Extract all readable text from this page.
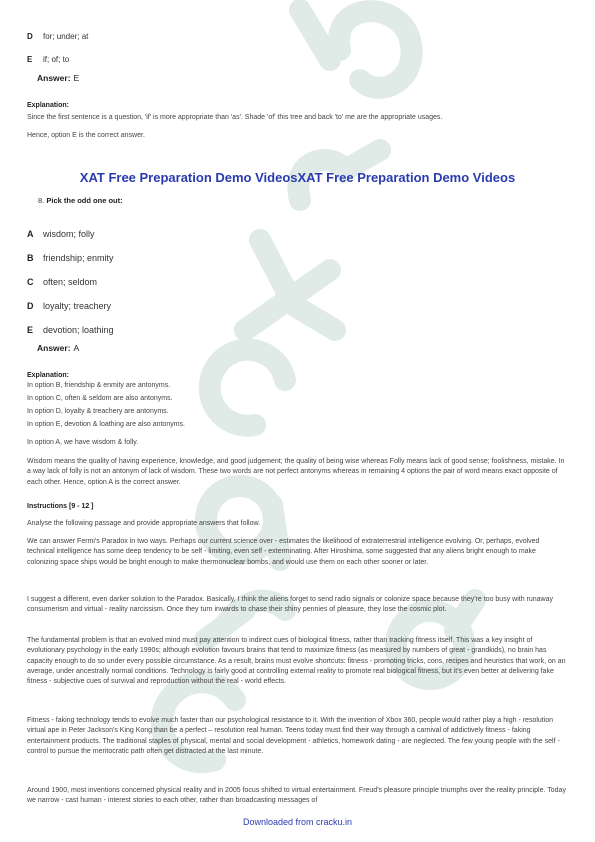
D	for; under; at
E	if; of; to
Answer: E
Explanation:
Since the first sentence is a question, 'if' is more appropriate than 'as'. Shade 'of' this tree and back 'to' me are the appropriate usages.
Hence, option E is the correct answer.
XAT Free Preparation Demo VideosXAT Free Preparation Demo Videos
8. Pick the odd one out:
A	wisdom; folly
B	friendship; enmity
C	often; seldom
D	loyalty; treachery
E	devotion; loathing
Answer: A
Explanation:
In option B, friendship & enmity are antonyms.
In option C, often & seldom are also antonyms.
In option D, loyalty & treachery are antonyms.
In option E, devotion & loathing are also antonyms.
In option A, we have wisdom & folly.
Wisdom means the quality of having experience, knowledge, and good judgement; the quality of being wise whereas Folly means lack of good sense; foolishness, mistake. In a way lack of folly is not an antonym of lack of wisdom. These two words are not perfect antonyms whereas in remaining 4 options the pair of word means exact opposite of each other. Hence, option A is the correct answer.
Instructions [9 - 12 ]
Analyse the following passage and provide appropriate answers that follow.
We can answer Fermi's Paradox in two ways. Perhaps our current science over - estimates the likelihood of extraterrestrial intelligence evolving. Or, perhaps, evolved technical intelligence has some deep tendency to be self - limiting, even self - exterminating. After Hiroshima, some suggested that any aliens bright enough to make colonizing space ships would be bright enough to make thermonuclear bombs, and would use them on each other sooner or later.
I suggest a different, even darker solution to the Paradox. Basically, I think the aliens forget to send radio signals or colonize space because they're too busy with runaway consumerism and virtual - reality narcissism. Once they turn inwards to chase their shiny pennies of pleasure, they lose the cosmic plot.
The fundamental problem is that an evolved mind must pay attention to indirect cues of biological fitness, rather than tracking fitness itself. This was a key insight of evolutionary psychology in the early 1990s; although evolution favours brains that tend to maximize fitness (as measured by numbers of great - grandkids), no brain has capacity enough to do so under every possible circumstance. As a result, brains must evolve shortcuts: fitness - promoting tricks, cons, recipes and heuristics that work, on an average, under ancestrally normal conditions. Technology is fairly good at controlling external reality to promote real biological fitness, but it's even better at delivering fake fitness - subjective cues of survival and reproduction without the real - world effects.
Fitness - faking technology tends to evolve much faster than our psychological resistance to it. With the invention of Xbox 360, people would rather play a high - resolution virtual ape in Peter Jackson's King Kong than be a perfect – resolution real human. Teens today must find their way through a carnival of addictively fitness - faking entertainment products. The traditional staples of physical, mental and social development - athletics, homework dating - are neglected. The few young people with the self - control to pursue the meritocratic path often get distracted at the last minute.
Around 1900, most inventions concerned physical reality and in 2005 focus shifted to virtual entertainment. Freud's pleasure principle triumphs over the reality principle. Today we narrow - cast human - interest stories to each other, rather than broadcasting messages of
Downloaded from cracku.in
